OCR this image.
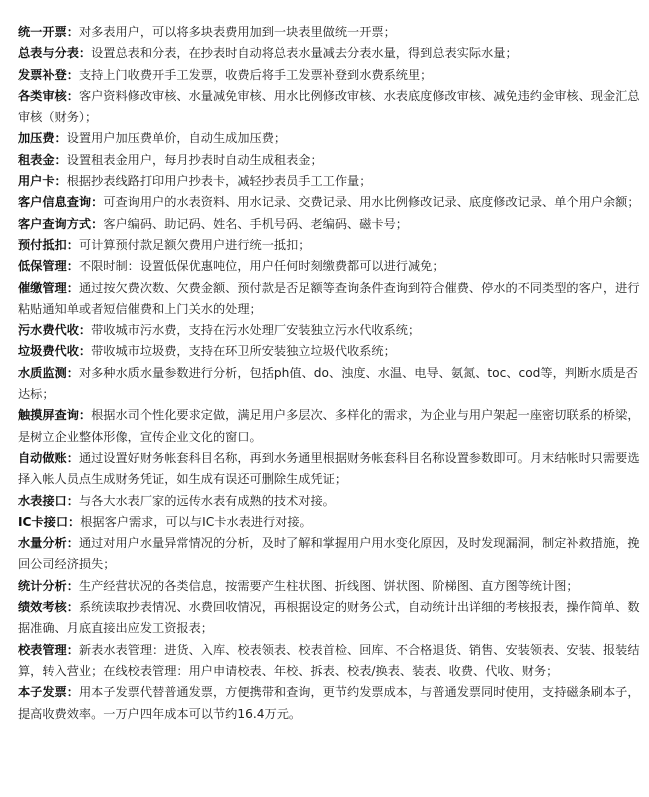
统一开票：对多表用户，可以将多块表费用加到一块表里做统一开票；

总表与分表：设置总表和分表，在抄表时自动将总表水量减去分表水量，得到总表实际水量；

发票补登：支持上门收费开手工发票，收费后将手工发票补登到水费系统里；

各类审核：客户资料修改审核、水量减免审核、用水比例修改审核、水表底度修改审核、减免违约金审核、现金汇总审核（财务）；

加压费：设置用户加压费单价，自动生成加压费；

租表金：设置租表金用户，每月抄表时自动生成租表金；

用户卡：根据抄表线路打印用户抄表卡，减轻抄表员手工工作量；

客户信息查询：可查询用户的水表资料、用水记录、交费记录、用水比例修改记录、底度修改记录、单个用户余额；

客户查询方式：客户编码、助记码、姓名、手机号码、老编码、磁卡号；

预付抵扣：可计算预付款足额欠费用户进行统一抵扣；

低保管理：不限时制：设置低保优惠吨位，用户任何时刻缴费都可以进行减免；

催缴管理：通过按欠费次数、欠费金额、预付款是否足额等查询条件查询到符合催费、停水的不同类型的客户，进行粘贴通知单或者短信催费和上门关水的处理；

污水费代收：带收城市污水费，支持在污水处理厂安装独立污水代收系统；

垃圾费代收：带收城市垃圾费，支持在环卫所安装独立垃圾代收系统；

水质监测：对多种水质水量参数进行分析，包括ph值、do、浊度、水温、电导、氨氮、toc、cod等，判断水质是否达标；

触摸屏查询：根据水司个性化要求定做，满足用户多层次、多样化的需求，为企业与用户架起一座密切联系的桥梁，是树立企业整体形像，宣传企业文化的窗口。

自动做账：通过设置好财务帐套科目名称，再到水务通里根据财务帐套科目名称设置参数即可。月末结帐时只需要选择入帐人员点生成财务凭证，如生成有误还可删除生成凭证；

水表接口：与各大水表厂家的远传水表有成熟的技术对接。

IC卡接口：根据客户需求，可以与IC卡水表进行对接。

水量分析：通过对用户水量异常情况的分析，及时了解和掌握用户用水变化原因，及时发现漏洞，制定补救措施，挽回公司经济损失；

统计分析：生产经营状况的各类信息，按需要产生柱状图、折线图、饼状图、阶梯图、直方图等统计图；

绩效考核：系统读取抄表情况、水费回收情况，再根据设定的财务公式，自动统计出详细的考核报表，操作简单、数据准确、月底直接出应发工资报表；

校表管理：新表水表管理：进货、入库、校表领表、校表首检、回库、不合格退货、销售、安装领表、安装、报装结算，转入营业；在线校表管理：用户申请校表、年校、拆表、校表/换表、装表、收费、代收、财务；

本子发票：用本子发票代替普通发票，方便携带和查询，更节约发票成本，与普通发票同时使用，支持磁条刷本子，提高收费效率。一万户四年成本可以节约16.4万元。
